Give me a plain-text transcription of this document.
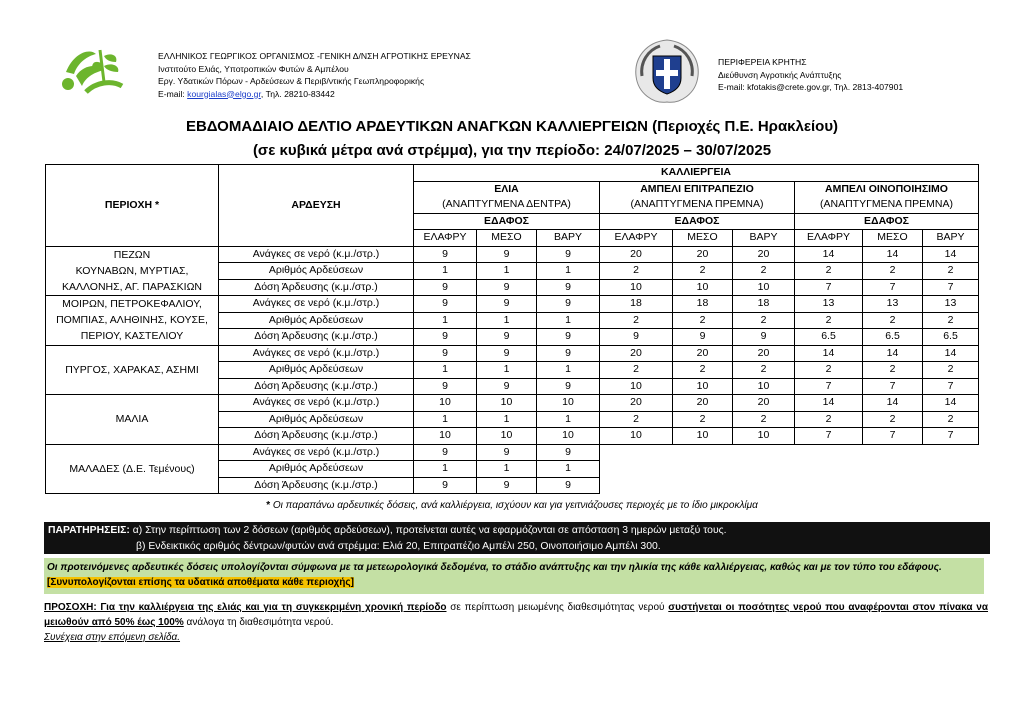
ΕΛΛΗΝΙΚΟΣ ΓΕΩΡΓΙΚΟΣ ΟΡΓΑΝΙΣΜΟΣ -ΓΕΝΙΚΗ Δ/ΝΣΗ ΑΓΡΟΤΙΚΗΣ ΕΡΕΥΝΑΣ
Ινστιτούτο Ελιάς, Υποτροπικών Φυτών & Αμπέλου
Εργ. Υδατικών Πόρων - Αρδεύσεων & Περιβ/ντικής Γεωπληροφορικής
E-mail: kourgialas@elgo.gr, Τηλ. 28210-83442
ΠΕΡΙΦΕΡΕΙΑ ΚΡΗΤΗΣ
Διεύθυνση Αγροτικής Ανάπτυξης
E-mail: kfotakis@crete.gov.gr, Τηλ. 2813-407901
ΕΒΔΟΜΑΔΙΑΙΟ ΔΕΛΤΙΟ ΑΡΔΕΥΤΙΚΩΝ ΑΝΑΓΚΩΝ ΚΑΛΛΙΕΡΓΕΙΩΝ (Περιοχές Π.Ε. Ηρακλείου)
(σε κυβικά μέτρα ανά στρέμμα), για την περίοδο: 24/07/2025 – 30/07/2025
ΠΕΡΙΟΧΗ *	ΑΡΔΕΥΣΗ	ΚΑΛΛΙΕΡΓΕΙΑ								
		ΕΛΙΑ			ΑΜΠΕΛΙ ΕΠΙΤΡΑΠΕΖΙΟ			ΑΜΠΕΛΙ ΟΙΝΟΠΟΙΗΣΙΜΟ		
		(ΑΝΑΠΤΥΓΜΕΝΑ ΔΕΝΤΡΑ)			(ΑΝΑΠΤΥΓΜΕΝΑ ΠΡΕΜΝΑ)			(ΑΝΑΠΤΥΓΜΕΝΑ ΠΡΕΜΝΑ)		
		ΕΔΑΦΟΣ			ΕΔΑΦΟΣ			ΕΔΑΦΟΣ		
		ΕΛΑΦΡΥ	ΜΕΣΟ	ΒΑΡΥ	ΕΛΑΦΡΥ	ΜΕΣΟ	ΒΑΡΥ	ΕΛΑΦΡΥ	ΜΕΣΟ	ΒΑΡΥ
ΠΕΖΩΝ
ΚΟΥΝΑΒΩΝ, ΜΥΡΤΙΑΣ,
ΚΑΛΛΟΝΗΣ, ΑΓ. ΠΑΡΑΣΚΙΩΝ	Ανάγκες σε νερό (κ.μ./στρ.)	9	9	9	20	20	20	14	14	14
	Αριθμός Αρδεύσεων	1	1	1	2	2	2	2	2	2
	Δόση Άρδευσης (κ.μ./στρ.)	9	9	9	10	10	10	7	7	7
ΜΟΙΡΩΝ, ΠΕΤΡΟΚΕΦΑΛΙΟΥ,
ΠΟΜΠΙΑΣ, ΑΛΗΘΙΝΗΣ, ΚΟΥΣΕ,
ΠΕΡΙΟΥ, ΚΑΣΤΕΛΙΟΥ	Ανάγκες σε νερό (κ.μ./στρ.)	9	9	9	18	18	18	13	13	13
	Αριθμός Αρδεύσεων	1	1	1	2	2	2	2	2	2
	Δόση Άρδευσης (κ.μ./στρ.)	9	9	9	9	9	9	6.5	6.5	6.5
ΠΥΡΓΟΣ, ΧΑΡΑΚΑΣ, ΑΣΗΜΙ	Ανάγκες σε νερό (κ.μ./στρ.)	9	9	9	20	20	20	14	14	14
	Αριθμός Αρδεύσεων	1	1	1	2	2	2	2	2	2
	Δόση Άρδευσης (κ.μ./στρ.)	9	9	9	10	10	10	7	7	7
ΜΑΛΙΑ	Ανάγκες σε νερό (κ.μ./στρ.)	10	10	10	20	20	20	14	14	14
	Αριθμός Αρδεύσεων	1	1	1	2	2	2	2	2	2
	Δόση Άρδευσης (κ.μ./στρ.)	10	10	10	10	10	10	7	7	7
ΜΑΛΑΔΕΣ (Δ.Ε. Τεμένους)	Ανάγκες σε νερό (κ.μ./στρ.)	9	9	9						
	Αριθμός Αρδεύσεων	1	1	1						
	Δόση Άρδευσης (κ.μ./στρ.)	9	9	9						
* Οι παραπάνω αρδευτικές δόσεις, ανά καλλιέργεια, ισχύουν και για γειτνιάζουσες περιοχές με το ίδιο μικροκλίμα
ΠΑΡΑΤΗΡΗΣΕΙΣ: α) Στην περίπτωση των 2 δόσεων (αριθμός αρδεύσεων), προτείνεται αυτές να εφαρμόζονται σε απόσταση 3 ημερών μεταξύ τους.
β) Ενδεικτικός αριθμός δέντρων/φυτών ανά στρέμμα: Ελιά 20, Επιτραπέζιο Αμπέλι 250, Οινοποιήσιμο Αμπέλι 300.
Οι προτεινόμενες αρδευτικές δόσεις υπολογίζονται σύμφωνα με τα μετεωρολογικά δεδομένα, το στάδιο ανάπτυξης και την ηλικία της κάθε καλλιέργειας, καθώς και με τον τύπο του εδάφους. [Συνυπολογίζονται επίσης τα υδατικά αποθέματα κάθε περιοχής]
ΠΡΟΣΟΧΗ: Για την καλλιέργεια της ελιάς και για τη συγκεκριμένη χρονική περίοδο σε περίπτωση μειωμένης διαθεσιμότητας νερού συστήνεται οι ποσότητες νερού που αναφέρονται στον πίνακα να μειωθούν από 50% έως 100% ανάλογα τη διαθεσιμότητα νερού.
Συνέχεια στην επόμενη σελίδα.
